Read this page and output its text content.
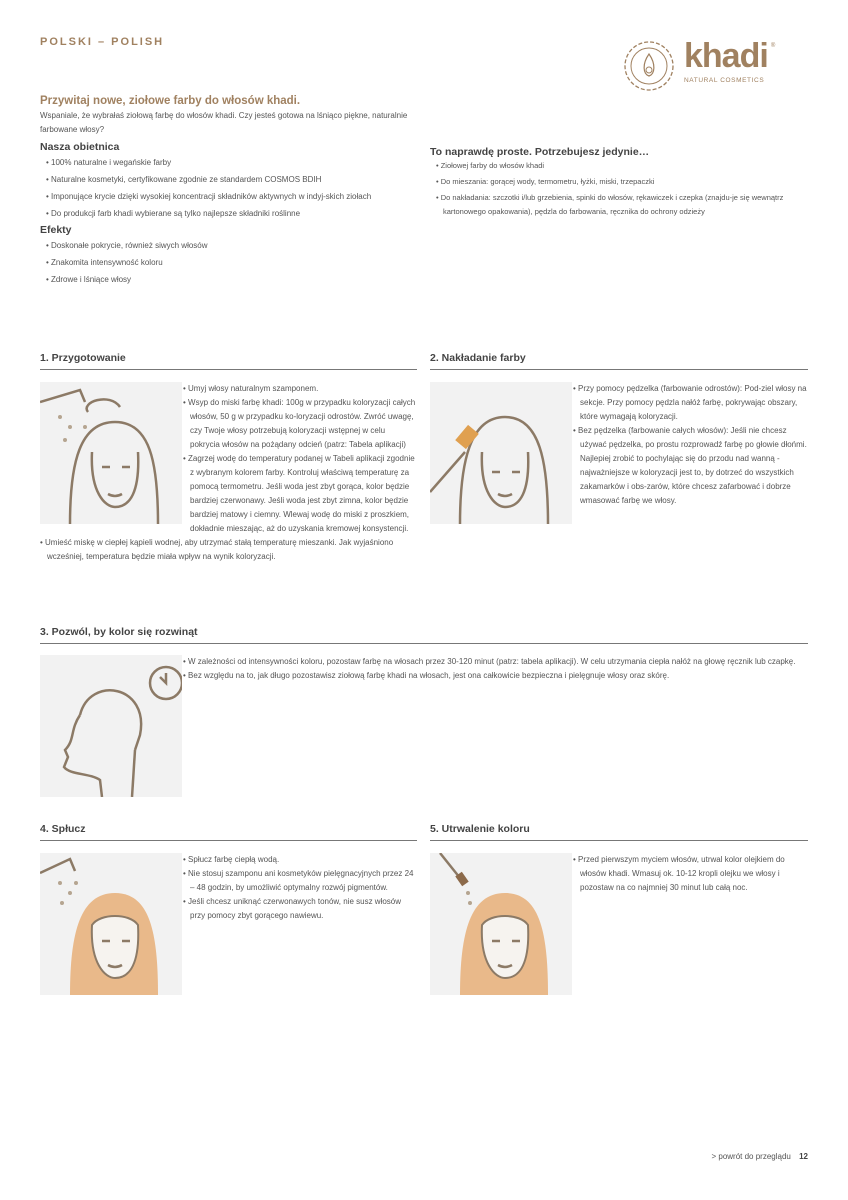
POLSKI – POLISH	khadi ®
NATURAL COSMETICS
Przywitaj nowe, ziołowe farby do włosów khadi.

Wspaniale, że wybrałaś ziołową farbę do włosów khadi. Czy jesteś gotowa na lśniąco piękne, naturalnie farbowane włosy?

Nasza obietnica
• 100% naturalne i wegańskie farby
• Naturalne kosmetyki, certyfikowane zgodnie ze standardem COSMOS BDIH
• Imponujące krycie dzięki wysokiej koncentracji składników aktywnych w indyj-skich ziołach
• Do produkcji farb khadi wybierane są tylko najlepsze składniki roślinne
Efekty
• Doskonałe pokrycie, również siwych włosów
• Znakomita intensywność koloru
• Zdrowe i lśniące włosy
To naprawdę proste. Potrzebujesz jedynie…
• Ziołowej farby do włosów khadi
• Do mieszania: gorącej wody, termometru, łyżki, miski, trzepaczki
• Do nakładania: szczotki i/lub grzebienia, spinki do włosów, rękawiczek i czepka (znajdu-je się wewnątrz kartonowego opakowania), pędzla do farbowania, ręcznika do ochrony odzieży
1. Przygotowanie
• Umyj włosy naturalnym szamponem.
• Wsyp do miski farbę khadi: 100g w przypadku koloryzacji całych włosów, 50 g w przypadku ko-loryzacji odrostów. Zwróć uwagę, czy Twoje włosy potrzebują koloryzacji wstępnej w celu pokrycia włosów na pożądany odcień (patrz: Tabela aplikacji)
• Zagrzej wodę do temperatury podanej w Tabeli aplikacji zgodnie z wybranym kolorem farby. Kontroluj właściwą temperaturę za pomocą termometru. Jeśli woda jest zbyt gorąca, kolor będzie bardziej czerwonawy. Jeśli woda jest zbyt zimna, kolor będzie bardziej matowy i ciemny. Wlewaj wodę do miski z proszkiem, dokładnie mieszając, aż do uzyskania kremowej konsystencji.
• Umieść miskę w ciepłej kąpieli wodnej, aby utrzymać stałą temperaturę mieszanki. Jak wyjaśniono wcześniej, temperatura będzie miała wpływ na wynik koloryzacji.
2. Nakładanie farby
• Przy pomocy pędzelka (farbowanie odrostów): Pod-ziel włosy na sekcje. Przy pomocy pędzla nałóż farbę, pokrywając obszary, które wymagają koloryzacji.
• Bez pędzelka (farbowanie całych włosów): Jeśli nie chcesz używać pędzelka, po prostu rozprowadź farbę po głowie dłońmi. Najlepiej zrobić to pochylając się do przodu nad wanną - najważniejsze w koloryzacji jest to, by dotrzeć do wszystkich zakamarków i obs-zarów, które chcesz zafarbować i dobrze wmasować farbę we włosy.
3. Pozwól, by kolor się rozwinąt
• W zależności od intensywności koloru, pozostaw farbę na włosach przez 30-120 minut (patrz: tabela aplikacji). W celu utrzymania ciepła nałóż na głowę ręcznik lub czapkę.
• Bez względu na to, jak długo pozostawisz ziołową farbę khadi na włosach, jest ona całkowicie bezpieczna i pielęgnuje włosy oraz skórę.
4. Spłucz
• Spłucz farbę ciepłą wodą.
• Nie stosuj szamponu ani kosmetyków pielęgnacyjnych przez 24 – 48 godzin, by umożliwić optymalny rozwój pigmentów.
• Jeśli chcesz uniknąć czerwonawych tonów, nie susz włosów przy pomocy zbyt gorącego nawiewu.
5. Utrwalenie koloru
• Przed pierwszym myciem włosów, utrwal kolor olejkiem do włosów khadi. Wmasuj ok. 10-12 kropli olejku we włosy i pozostaw na co najmniej 30 minut lub całą noc.
> powrót do przeglądu 12
